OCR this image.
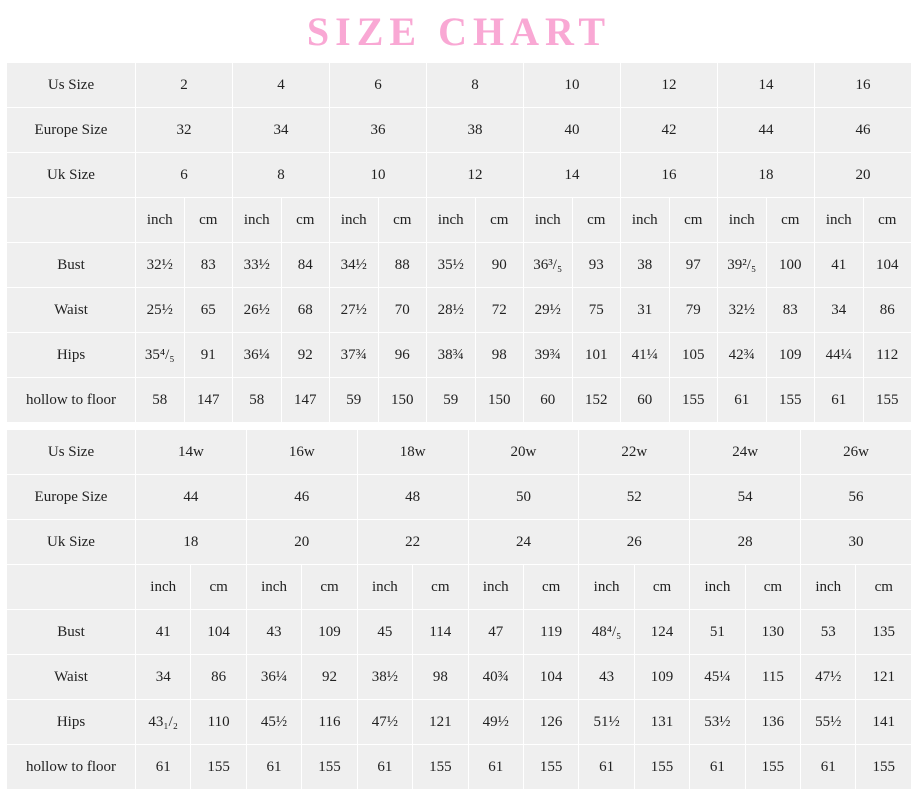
SIZE CHART
Us Size	2		4		6		8		10		12		14		16	
Europe Size	32		34		36		38		40		42		44		46	
Uk Size	6		8		10		12		14		16		18		20	
	inch	cm	inch	cm	inch	cm	inch	cm	inch	cm	inch	cm	inch	cm	inch	cm
Bust	32½	83	33½	84	34½	88	35½	90	36³/₅	93	38	97	39²/₅	100	41	104
Waist	25½	65	26½	68	27½	70	28½	72	29½	75	31	79	32½	83	34	86
Hips	35⁴/₅	91	36¼	92	37¾	96	38¾	98	39¾	101	41¼	105	42¾	109	44¼	112
hollow to floor	58	147	58	147	59	150	59	150	60	152	60	155	61	155	61	155
Us Size	14w		16w		18w		20w		22w		24w		26w	
Europe Size	44		46		48		50		52		54		56	
Uk Size	18		20		22		24		26		28		30	
	inch	cm	inch	cm	inch	cm	inch	cm	inch	cm	inch	cm	inch	cm
Bust	41	104	43	109	45	114	47	119	48⁴/₅	124	51	130	53	135
Waist	34	86	36¼	92	38½	98	40¾	104	43	109	45¼	115	47½	121
Hips	43₁/₂	110	45½	116	47½	121	49½	126	51½	131	53½	136	55½	141
hollow to floor	61	155	61	155	61	155	61	155	61	155	61	155	61	155
